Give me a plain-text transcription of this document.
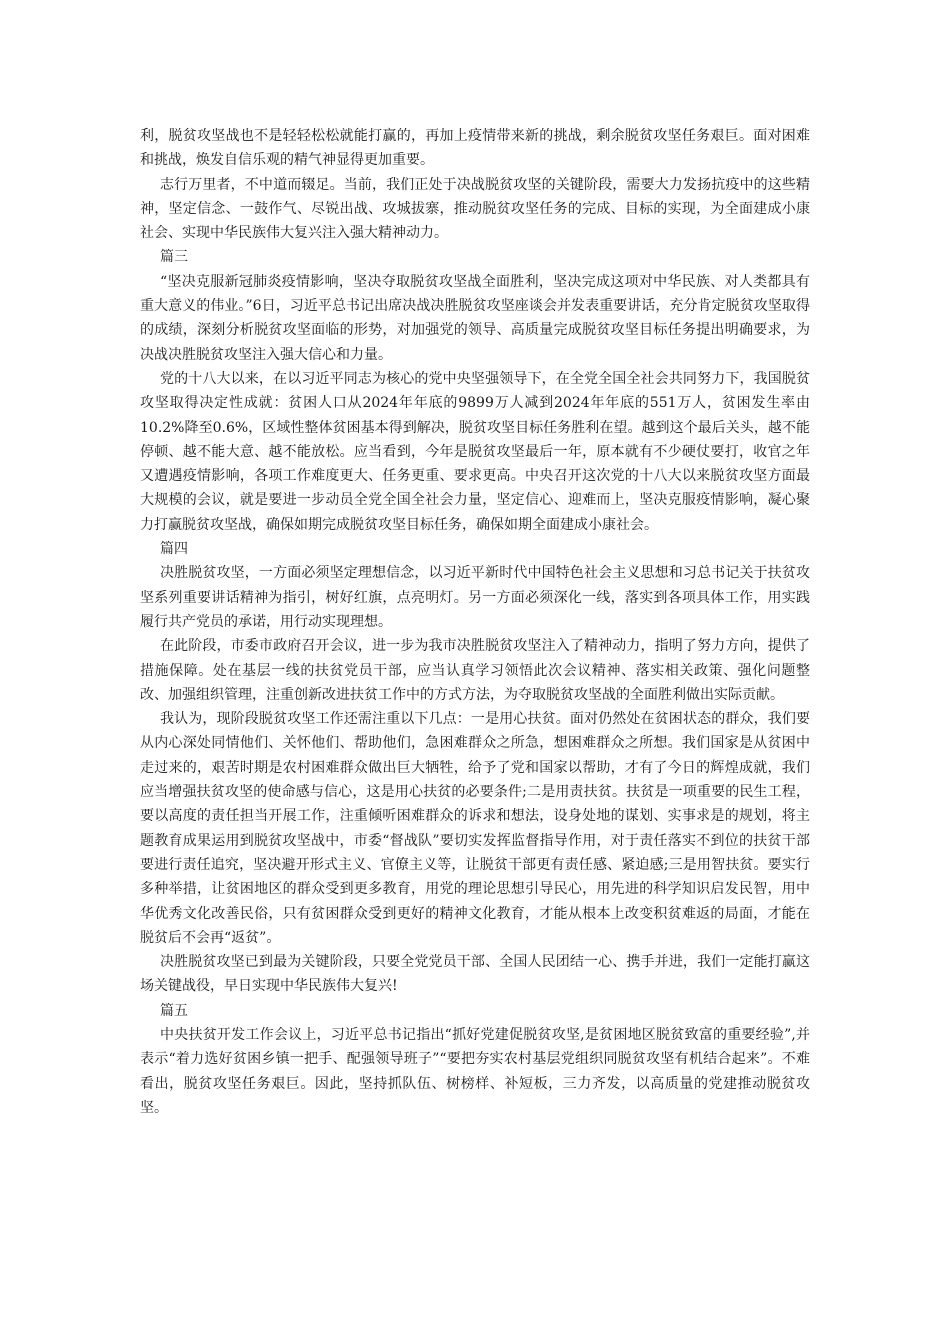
利，脱贫攻坚战也不是轻轻松松就能打赢的，再加上疫情带来新的挑战，剩余脱贫攻坚任务艰巨。面对困难和挑战，焕发自信乐观的精气神显得更加重要。

志行万里者，不中道而辍足。当前，我们正处于决战脱贫攻坚的关键阶段，需要大力发扬抗疫中的这些精神，坚定信念、一鼓作气、尽锐出战、攻城拔寨，推动脱贫攻坚任务的完成、目标的实现，为全面建成小康社会、实现中华民族伟大复兴注入强大精神动力。

篇三

“坚决克服新冠肺炎疫情影响，坚决夺取脱贫攻坚战全面胜利，坚决完成这项对中华民族、对人类都具有重大意义的伟业。”6日，习近平总书记出席决战决胜脱贫攻坚座谈会并发表重要讲话，充分肯定脱贫攻坚取得的成绩，深刻分析脱贫攻坚面临的形势，对加强党的领导、高质量完成脱贫攻坚目标任务提出明确要求，为决战决胜脱贫攻坚注入强大信心和力量。

党的十八大以来，在以习近平同志为核心的党中央坚强领导下，在全党全国全社会共同努力下，我国脱贫攻坚取得决定性成就：贫困人口从2024年年底的9899万人减到2024年年底的551万人，贫困发生率由10.2%降至0.6%，区域性整体贫困基本得到解决，脱贫攻坚目标任务胜利在望。越到这个最后关头，越不能停顿、越不能大意、越不能放松。应当看到，今年是脱贫攻坚最后一年，原本就有不少硬仗要打，收官之年又遭遇疫情影响，各项工作难度更大、任务更重、要求更高。中央召开这次党的十八大以来脱贫攻坚方面最大规模的会议，就是要进一步动员全党全国全社会力量，坚定信心、迎难而上，坚决克服疫情影响，凝心聚力打赢脱贫攻坚战，确保如期完成脱贫攻坚目标任务，确保如期全面建成小康社会。

篇四

决胜脱贫攻坚，一方面必须坚定理想信念，以习近平新时代中国特色社会主义思想和习总书记关于扶贫攻坚系列重要讲话精神为指引，树好红旗，点亮明灯。另一方面必须深化一线，落实到各项具体工作，用实践履行共产党员的承诺，用行动实现理想。

在此阶段，市委市政府召开会议，进一步为我市决胜脱贫攻坚注入了精神动力，指明了努力方向，提供了措施保障。处在基层一线的扶贫党员干部，应当认真学习领悟此次会议精神、落实相关政策、强化问题整改、加强组织管理，注重创新改进扶贫工作中的方式方法，为夺取脱贫攻坚战的全面胜利做出实际贡献。

我认为，现阶段脱贫攻坚工作还需注重以下几点：一是用心扶贫。面对仍然处在贫困状态的群众，我们要从内心深处同情他们、关怀他们、帮助他们，急困难群众之所急，想困难群众之所想。我们国家是从贫困中走过来的，艰苦时期是农村困难群众做出巨大牺牲，给予了党和国家以帮助，才有了今日的辉煌成就，我们应当增强扶贫攻坚的使命感与信心，这是用心扶贫的必要条件;二是用责扶贫。扶贫是一项重要的民生工程，要以高度的责任担当开展工作，注重倾听困难群众的诉求和想法，设身处地的谋划、实事求是的规划，将主题教育成果运用到脱贫攻坚战中，市委“督战队”要切实发挥监督指导作用，对于责任落实不到位的扶贫干部要进行责任追究，坚决避开形式主义、官僚主义等，让脱贫干部更有责任感、紧迫感;三是用智扶贫。要实行多种举措，让贫困地区的群众受到更多教育，用党的理论思想引导民心，用先进的科学知识启发民智，用中华优秀文化改善民俗，只有贫困群众受到更好的精神文化教育，才能从根本上改变积贫难返的局面，才能在脱贫后不会再“返贫”。

决胜脱贫攻坚已到最为关键阶段，只要全党党员干部、全国人民团结一心、携手并进，我们一定能打赢这场关键战役，早日实现中华民族伟大复兴!

篇五

中央扶贫开发工作会议上，习近平总书记指出“抓好党建促脱贫攻坚,是贫困地区脱贫致富的重要经验”,并表示“着力选好贫困乡镇一把手、配强领导班子”“要把夯实农村基层党组织同脱贫攻坚有机结合起来”。不难看出，脱贫攻坚任务艰巨。因此，坚持抓队伍、树榜样、补短板，三力齐发，以高质量的党建推动脱贫攻坚。
